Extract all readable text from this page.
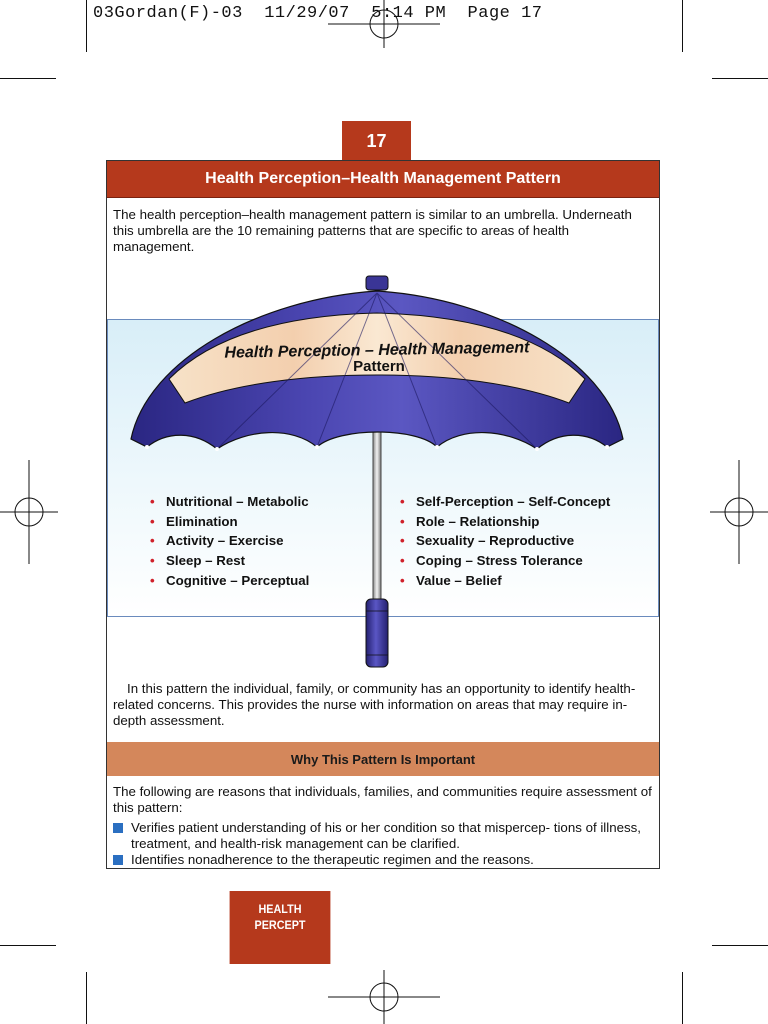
03Gordan(F)-03  11/29/07  5:14 PM  Page 17
17
Health Perception–Health Management Pattern
The health perception–health management pattern is similar to an umbrella. Underneath this umbrella are the 10 remaining patterns that are specific to areas of health management.
• Nutritional – Metabolic
• Elimination
• Activity – Exercise
• Sleep – Rest
• Cognitive – Perceptual
• Self-Perception – Self-Concept
• Role – Relationship
• Sexuality – Reproductive
• Coping – Stress Tolerance
• Value – Belief
Health Perception – Health Management
Pattern
In this pattern the individual, family, or community has an opportunity to identify health-related concerns. This provides the nurse with information on areas that may require in-depth assessment.
Why This Pattern Is Important
The following are reasons that individuals, families, and communities require assessment of this pattern:
Verifies patient understanding of his or her condition so that mispercep- tions of illness, treatment, and health-risk management can be clarified.
Identifies nonadherence to the therapeutic regimen and the reasons.
HEALTH
PERCEPT
